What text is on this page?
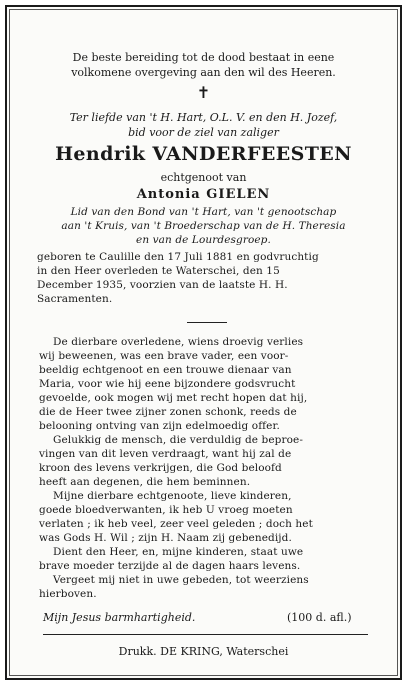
De beste bereiding tot de dood bestaat in eene
volkomene overgeving aan den wil des Heeren.
✝
Ter liefde van 't H. Hart, O.L. V. en den H. Jozef,
bid voor de ziel van zaliger
Hendrik VANDERFEESTEN
echtgenoot van
Antonia GIELEN
Lid van den Bond van 't Hart, van 't genootschap
aan 't Kruis, van 't Broederschap van de H. Theresia
en van de Lourdesgroep.
geboren te Caulille den 17 Juli 1881 en godvruchtig
in den Heer overleden te Waterschei, den 15
December 1935, voorzien van de laatste H. H.
Sacramenten.
De dierbare overledene, wiens droevig verlies
wij beweenen, was een brave vader, een voor-
beeldig echtgenoot en een trouwe dienaar van
Maria, voor wie hij eene bijzondere godsvrucht
gevoelde, ook mogen wij met recht hopen dat hij,
die de Heer twee zijner zonen schonk, reeds de
belooning ontving van zijn edelmoedig offer.
Gelukkig de mensch, die verduldig de beproe-
vingen van dit leven verdraagt, want hij zal de
kroon des levens verkrijgen, die God beloofd
heeft aan degenen, die hem beminnen.
Mijne dierbare echtgenoote, lieve kinderen,
goede bloedverwanten, ik heb U vroeg moeten
verlaten ; ik heb veel, zeer veel geleden ; doch het
was Gods H. Wil ; zijn H. Naam zij gebenedijd.
Dient den Heer, en, mijne kinderen, staat uwe
brave moeder terzijde al de dagen haars levens.
Vergeet mij niet in uwe gebeden, tot weerziens
hierboven.
Mijn Jesus barmhartigheid.	(100 d. afl.)
Drukk. DE KRING, Waterschei
